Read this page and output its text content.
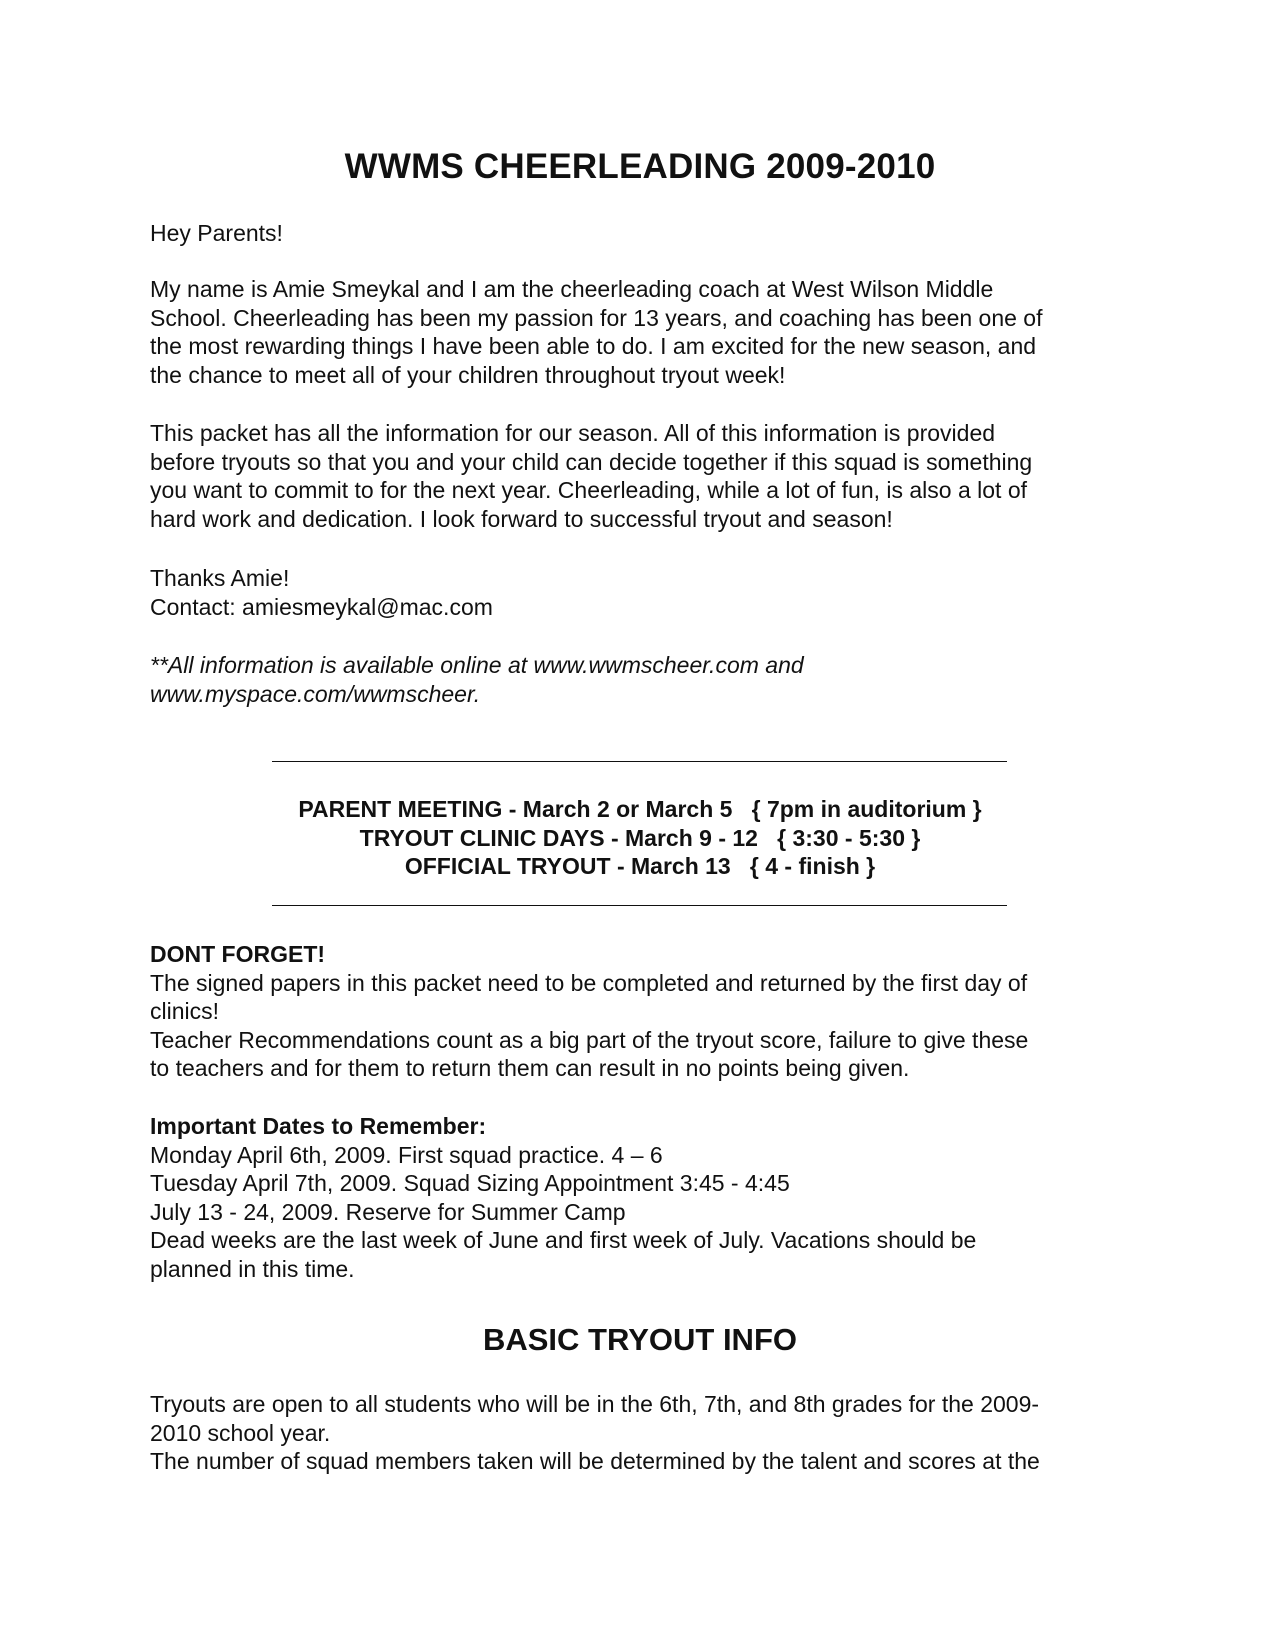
WWMS CHEERLEADING 2009-2010

Hey Parents!

My name is Amie Smeykal and I am the cheerleading coach at West Wilson Middle

School. Cheerleading has been my passion for 13 years, and coaching has been one of

the most rewarding things I have been able to do. I am excited for the new season, and

the chance to meet all of your children throughout tryout week!

This packet has all the information for our season. All of this information is provided

before tryouts so that you and your child can decide together if this squad is something

you want to commit to for the next year. Cheerleading, while a lot of fun, is also a lot of

hard work and dedication. I look forward to successful tryout and season!

Thanks Amie!

Contact: amiesmeykal@mac.com

**All information is available online at www.wwmscheer.com and

www.myspace.com/wwmscheer.

PARENT MEETING - March 2 or March 5   { 7pm in auditorium }
TRYOUT CLINIC DAYS - March 9 - 12   { 3:30 - 5:30 }
OFFICIAL TRYOUT - March 13   { 4 - finish }

DONT FORGET!

The signed papers in this packet need to be completed and returned by the first day of

clinics!

Teacher Recommendations count as a big part of the tryout score, failure to give these

to teachers and for them to return them can result in no points being given.

Important Dates to Remember:

Monday April 6th, 2009. First squad practice. 4 – 6

Tuesday April 7th, 2009. Squad Sizing Appointment 3:45 - 4:45

July 13 - 24, 2009. Reserve for Summer Camp

Dead weeks are the last week of June and first week of July. Vacations should be

planned in this time.

BASIC TRYOUT INFO

Tryouts are open to all students who will be in the 6th, 7th, and 8th grades for the 2009-

2010 school year.

The number of squad members taken will be determined by the talent and scores at the
